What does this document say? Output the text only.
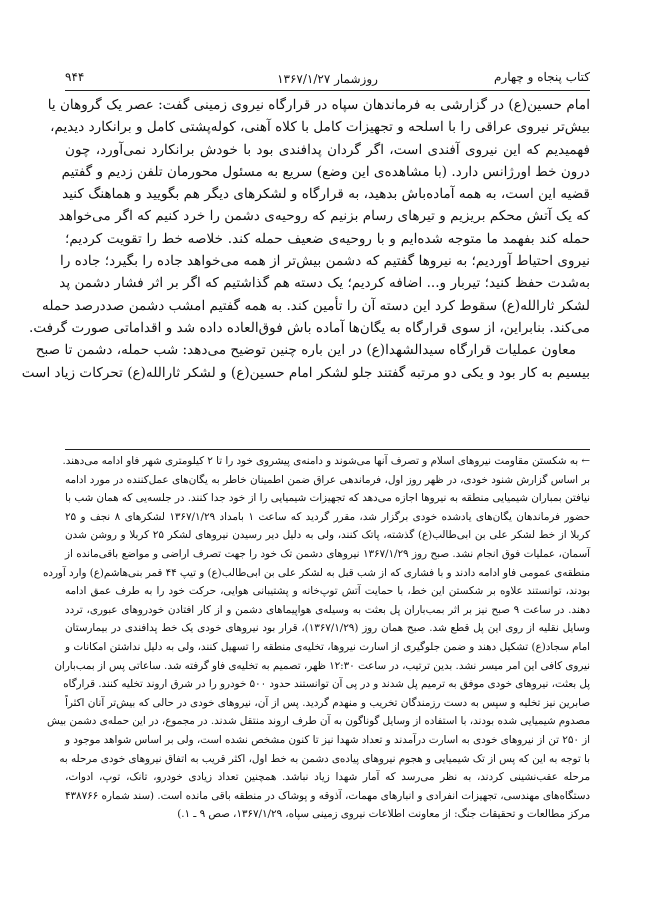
کتاب پنجاه و چهارم
روزشمار ۱۳۶۷/۱/۲۷
۹۴۴
امام حسین(ع) در گزارشی به فرماندهان سپاه در قرارگاه نیروی زمینی گفت: عصر یک گروهان یا
بیش‌تر نیروی عراقی را با اسلحه و تجهیزات کامل با کلاه آهنی، کوله‌پشتی کامل و برانکارد دیدیم،
فهمیدیم که این نیروی آفندی است، اگر گردان پدافندی بود با خودش برانکارد نمی‌آورد، چون
درون خط اورژانس دارد. (با مشاهده‌ی این وضع) سریع به مسئول محورمان تلفن زدیم و گفتیم
قضیه این است، به همه آماده‌باش بدهید، به قرارگاه و لشکرهای دیگر هم بگویید و هماهنگ کنید
که یک آتش محکم بریزیم و تیرهای رسام بزنیم که روحیه‌ی دشمن را خرد کنیم که اگر می‌خواهد
حمله کند بفهمد ما متوجه شده‌ایم و با روحیه‌ی ضعیف حمله کند. خلاصه خط را تقویت کردیم؛
نیروی احتیاط آوردیم؛ به نیروها گفتیم که دشمن بیش‌تر از همه می‌خواهد جاده را بگیرد؛ جاده را
به‌شدت حفظ کنید؛ تیربار و... اضافه کردیم؛ یک دسته هم گذاشتیم که اگر بر اثر فشار دشمن پد
لشکر ثارالله(ع) سقوط کرد این دسته آن را تأمین کند. به همه گفتیم امشب دشمن صددرصد حمله
می‌کند. بنابراین، از سوی قرارگاه به یگان‌ها آماده باش فوق‌العاده داده شد و اقداماتی صورت گرفت.
معاون عملیات قرارگاه سیدالشهدا(ع) در این باره چنین توضیح می‌دهد: شب حمله، دشمن تا صبح
بیسیم به کار بود و یکی دو مرتبه گفتند جلو لشکر امام حسین(ع) و لشکر ثارالله(ع) تحرکات زیاد است
← به شکستن مقاومت نیروهای اسلام و تصرف آنها می‌شوند و دامنه‌ی پیشروی خود را تا ۲ کیلومتری شهر فاو ادامه می‌دهند.
بر اساس گزارش شنود خودی، در ظهر روز اول، فرماندهی عراق ضمن اطمینان خاطر به یگان‌های عمل‌کننده در مورد ادامه
نیافتن بمباران شیمیایی منطقه به نیروها اجازه می‌دهد که تجهیزات شیمیایی را از خود جدا کنند. در جلسه‌یی که همان شب با
حضور فرماندهان یگان‌های یادشده خودی برگزار شد، مقرر گردید که ساعت ۱ بامداد ۱۳۶۷/۱/۲۹ لشکرهای ۸ نجف و ۲۵
کربلا از خط لشکر علی بن ابی‌طالب(ع) گذشته، پاتک کنند، ولی به دلیل دیر رسیدن نیروهای لشکر ۲۵ کربلا و روشن شدن
آسمان، عملیات فوق انجام نشد. صبح روز ۱۳۶۷/۱/۲۹ نیروهای دشمن تک خود را جهت تصرف اراضی و مواضع باقی‌مانده از
منطقه‌ی عمومی فاو ادامه دادند و با فشاری که از شب قبل به لشکر علی بن ابی‌طالب(ع) و تیپ ۴۴ قمر بنی‌هاشم(ع) وارد آورده
بودند، توانستند علاوه بر شکستن این خط، با حمایت آتش توپ‌خانه و پشتیبانی هوایی، حرکت خود را به طرف عمق ادامه
دهند. در ساعت ۹ صبح نیز بر اثر بمب‌باران پل بعثت به وسیله‌ی هواپیماهای دشمن و از کار افتادن خودروهای عبوری، تردد
وسایل نقلیه از روی این پل قطع شد. صبح همان روز (۱۳۶۷/۱/۲۹)، قرار بود نیروهای خودی یک خط پدافندی در بیمارستان
امام سجاد(ع) تشکیل دهند و ضمن جلوگیری از اسارت نیروها، تخلیه‌ی منطقه را تسهیل کنند، ولی به دلیل نداشتن امکانات و
نیروی کافی این امر میسر نشد. بدین ترتیب، در ساعت ۱۲:۳۰ ظهر، تصمیم به تخلیه‌ی فاو گرفته شد. ساعاتی پس از بمب‌باران
پل بعثت، نیروهای خودی موفق به ترمیم پل شدند و در پی آن توانستند حدود ۵۰۰ خودرو را در شرق اروند تخلیه کنند. قرارگاه
صابرین نیز تخلیه و سپس به دست رزمندگان تخریب و منهدم گردید. پس از آن، نیروهای خودی در حالی که بیش‌تر آنان اکثراً
مصدوم شیمیایی شده بودند، با استفاده از وسایل گوناگون به آن طرف اروند منتقل شدند. در مجموع، در این حمله‌ی دشمن بیش
از ۲۵۰ تن از نیروهای خودی به اسارت درآمدند و تعداد شهدا نیز تا کنون مشخص نشده است، ولی بر اساس شواهد موجود و
با توجه به این که پس از تک شیمیایی و هجوم نیروهای پیاده‌ی دشمن به خط اول، اکثر قریب به اتفاق نیروهای خودی مرحله به
مرحله عقب‌نشینی کردند، به نظر می‌رسد که آمار شهدا زیاد نباشد. همچنین تعداد زیادی خودرو، تانک، توپ، ادوات،
دستگاه‌های مهندسی، تجهیزات انفرادی و انبارهای مهمات، آذوقه و پوشاک در منطقه باقی مانده است. (سند شماره ۴۳۸۷۶۶
مرکز مطالعات و تحقیقات جنگ: از معاونت اطلاعات نیروی زمینی سپاه، ۱۳۶۷/۱/۲۹، صص ۹ ـ ۱.)
